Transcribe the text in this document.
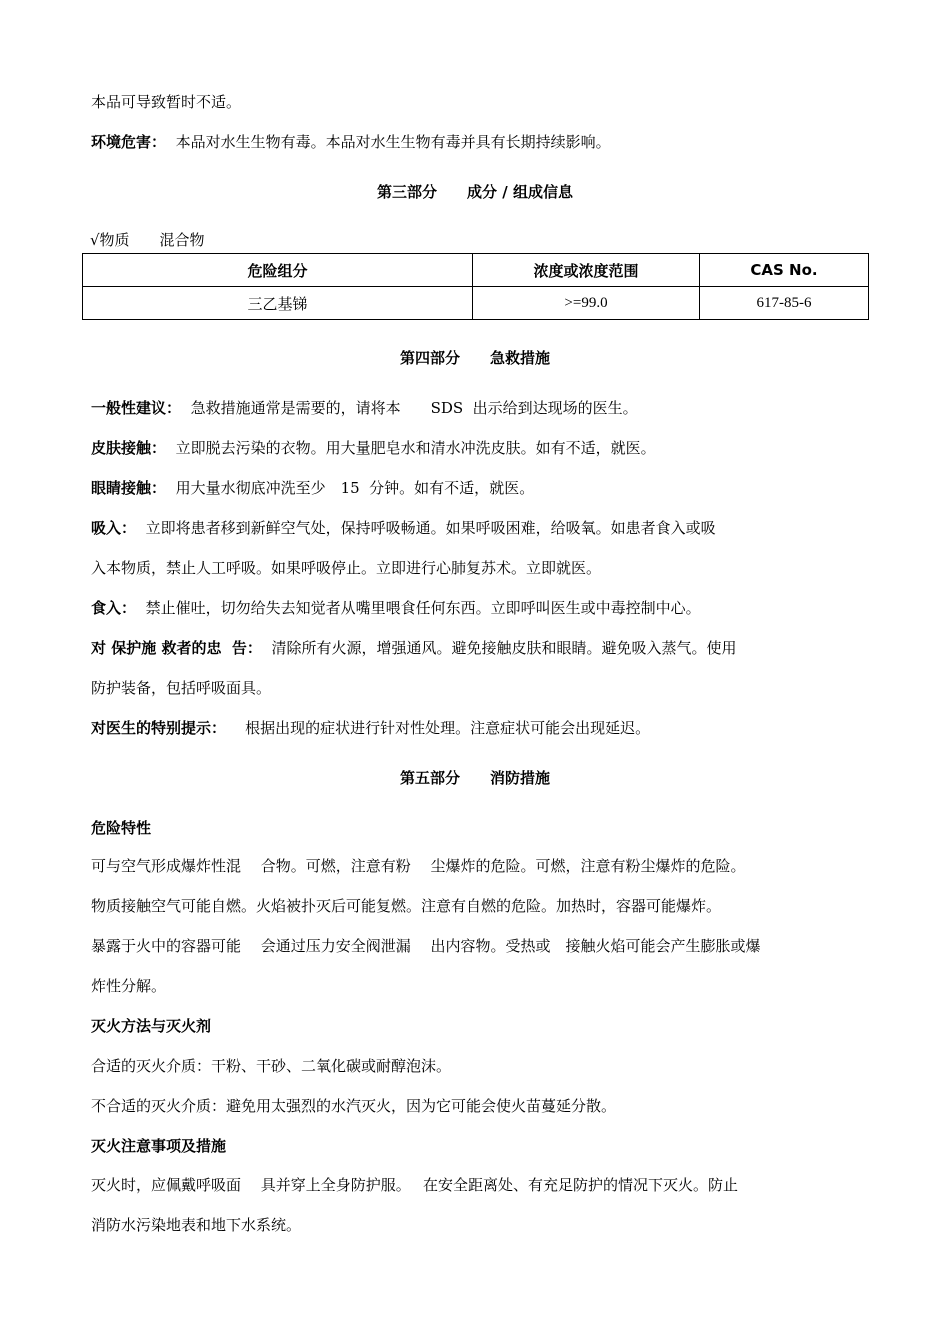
本品可导致暂时不适。
环境危害： 本品对水生生物有毒。本品对水生生物有毒并具有长期持续影响。
第三部分　　成分 / 组成信息
√物质　　混合物
危险组分	浓度或浓度范围	CAS No.
三乙基锑	>=99.0	617-85-6
第四部分　　急救措施
一般性建议： 急救措施通常是需要的，请将本　　SDS  出示给到达现场的医生。
皮肤接触： 立即脱去污染的衣物。用大量肥皂水和清水冲洗皮肤。如有不适，就医。
眼睛接触： 用大量水彻底冲洗至少　15  分钟。如有不适，就医。
吸入： 立即将患者移到新鲜空气处，保持呼吸畅通。如果呼吸困难，给吸氧。如患者食入或吸
入本物质，禁止人工呼吸。如果呼吸停止。立即进行心肺复苏术。立即就医。
食入： 禁止催吐，切勿给失去知觉者从嘴里喂食任何东西。立即呼叫医生或中毒控制中心。
对 保护施 救者的忠  告： 清除所有火源，增强通风。避免接触皮肤和眼睛。避免吸入蒸气。使用
防护装备，包括呼吸面具。
对医生的特别提示： 根据出现的症状进行针对性处理。注意症状可能会出现延迟。
第五部分　　消防措施
危险特性
可与空气形成爆炸性混　 合物。可燃，注意有粉　 尘爆炸的危险。可燃，注意有粉尘爆炸的危险。
物质接触空气可能自燃。火焰被扑灭后可能复燃。注意有自燃的危险。加热时，容器可能爆炸。
暴露于火中的容器可能　 会通过压力安全阀泄漏　 出内容物。受热或　接触火焰可能会产生膨胀或爆
炸性分解。
灭火方法与灭火剂
合适的灭火介质：干粉、干砂、二氧化碳或耐醇泡沫。
不合适的灭火介质：避免用太强烈的水汽灭火，因为它可能会使火苗蔓延分散。
灭火注意事项及措施
灭火时，应佩戴呼吸面　 具并穿上全身防护服。　 在安全距离处、有充足防护的情况下灭火。防止
消防水污染地表和地下水系统。
